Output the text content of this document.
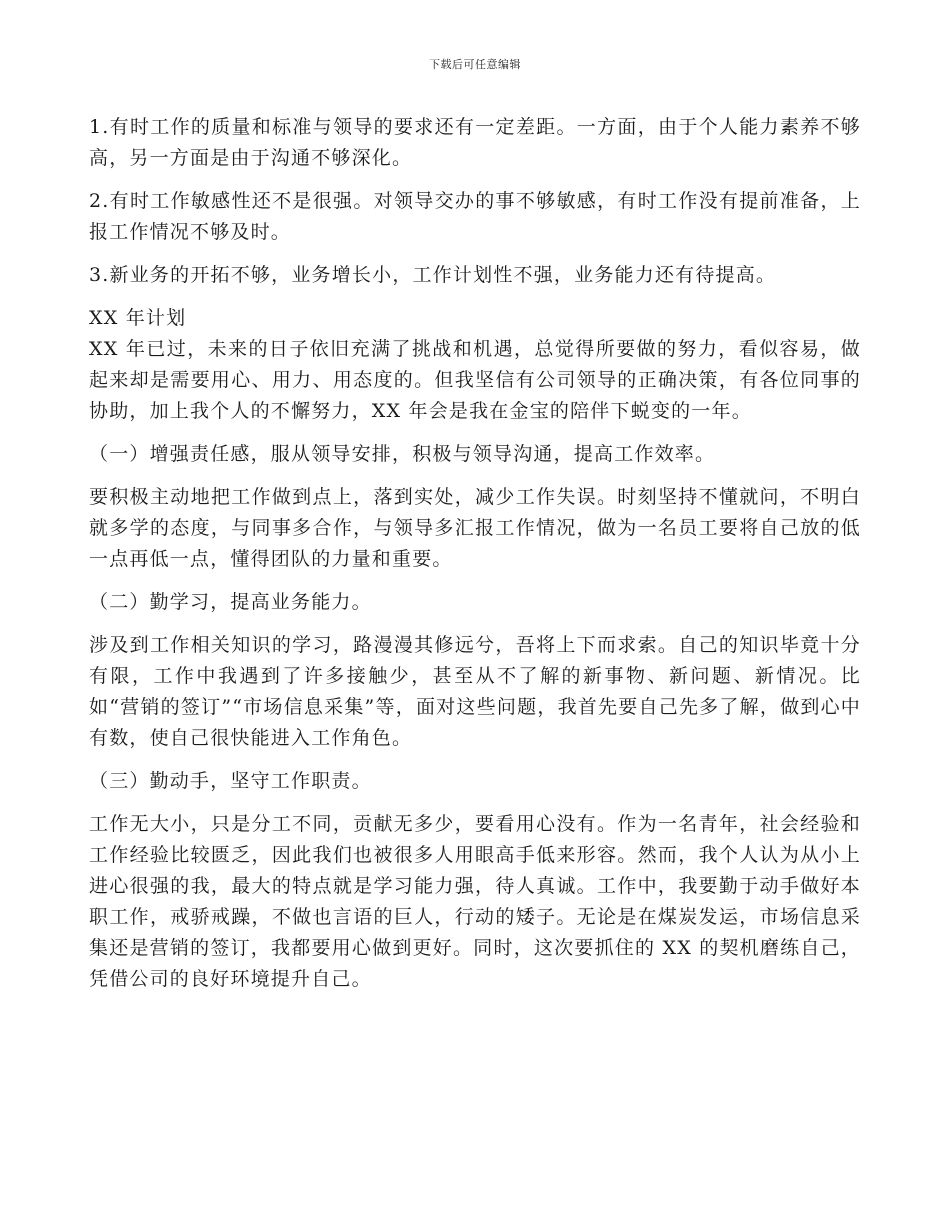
下载后可任意编辑

1.有时工作的质量和标准与领导的要求还有一定差距。一方面，由于个人能力素养不够高，另一方面是由于沟通不够深化。

2.有时工作敏感性还不是很强。对领导交办的事不够敏感，有时工作没有提前准备，上报工作情况不够及时。

3.新业务的开拓不够，业务增长小，工作计划性不强，业务能力还有待提高。

XX 年计划

XX 年已过，未来的日子依旧充满了挑战和机遇，总觉得所要做的努力，看似容易，做起来却是需要用心、用力、用态度的。但我坚信有公司领导的正确决策，有各位同事的协助，加上我个人的不懈努力，XX 年会是我在金宝的陪伴下蜕变的一年。

（一）增强责任感，服从领导安排，积极与领导沟通，提高工作效率。

要积极主动地把工作做到点上，落到实处，减少工作失误。时刻坚持不懂就问，不明白就多学的态度，与同事多合作，与领导多汇报工作情况，做为一名员工要将自己放的低一点再低一点，懂得团队的力量和重要。

（二）勤学习，提高业务能力。

涉及到工作相关知识的学习，路漫漫其修远兮，吾将上下而求索。自己的知识毕竟十分有限，工作中我遇到了许多接触少，甚至从不了解的新事物、新问题、新情况。比如“营销的签订”“市场信息采集”等，面对这些问题，我首先要自己先多了解，做到心中有数，使自己很快能进入工作角色。

（三）勤动手，坚守工作职责。

工作无大小，只是分工不同，贡献无多少，要看用心没有。作为一名青年，社会经验和工作经验比较匮乏，因此我们也被很多人用眼高手低来形容。然而，我个人认为从小上进心很强的我，最大的特点就是学习能力强，待人真诚。工作中，我要勤于动手做好本职工作，戒骄戒躁，不做也言语的巨人，行动的矮子。无论是在煤炭发运，市场信息采集还是营销的签订，我都要用心做到更好。同时，这次要抓住的 XX 的契机磨练自己，凭借公司的良好环境提升自己。
